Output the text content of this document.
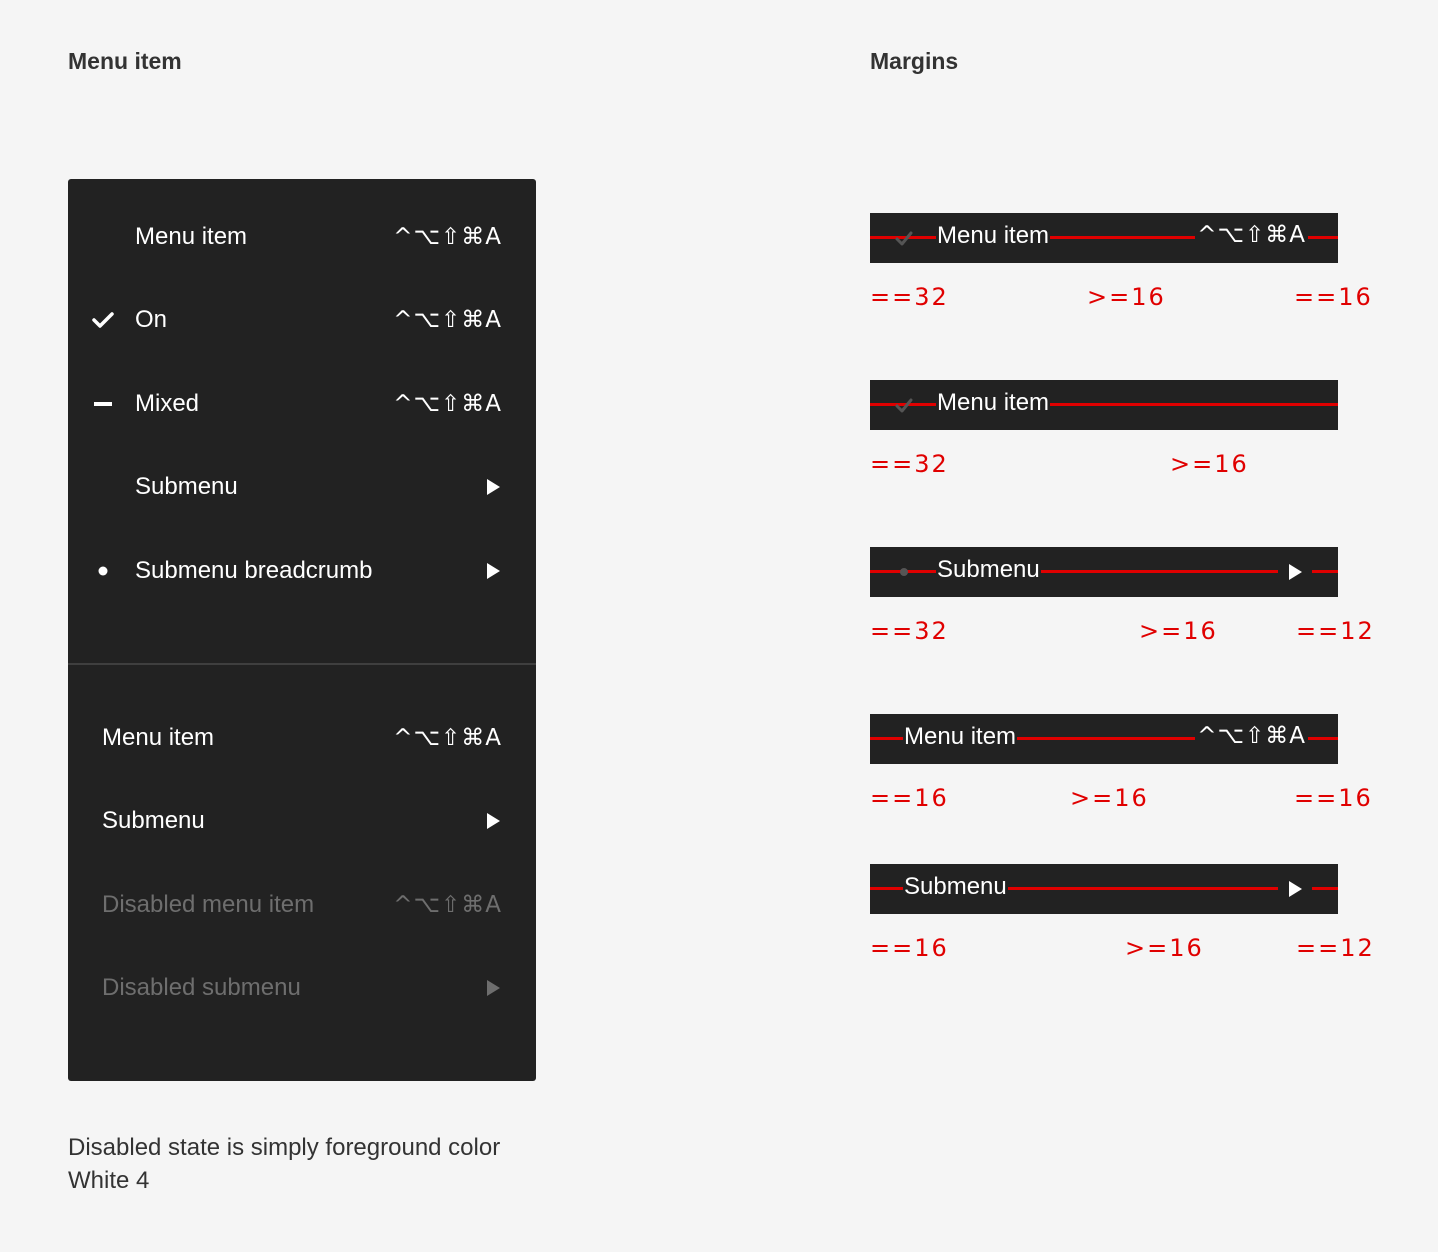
Menu item	Margins
Menu item	^⌥⇧⌘A
On	^⌥⇧⌘A
Mixed	^⌥⇧⌘A
Submenu
Submenu breadcrumb
Menu item	^⌥⇧⌘A
Submenu
Disabled menu item	^⌥⇧⌘A
Disabled submenu
Menu item	^⌥⇧⌘A
==32	>=16	==16
Menu item
==32	>=16
Submenu
==32	>=16	==12
Menu item	^⌥⇧⌘A
==16	>=16	==16
Submenu
==16	>=16	==12
Disabled state is simply foreground color White 4
